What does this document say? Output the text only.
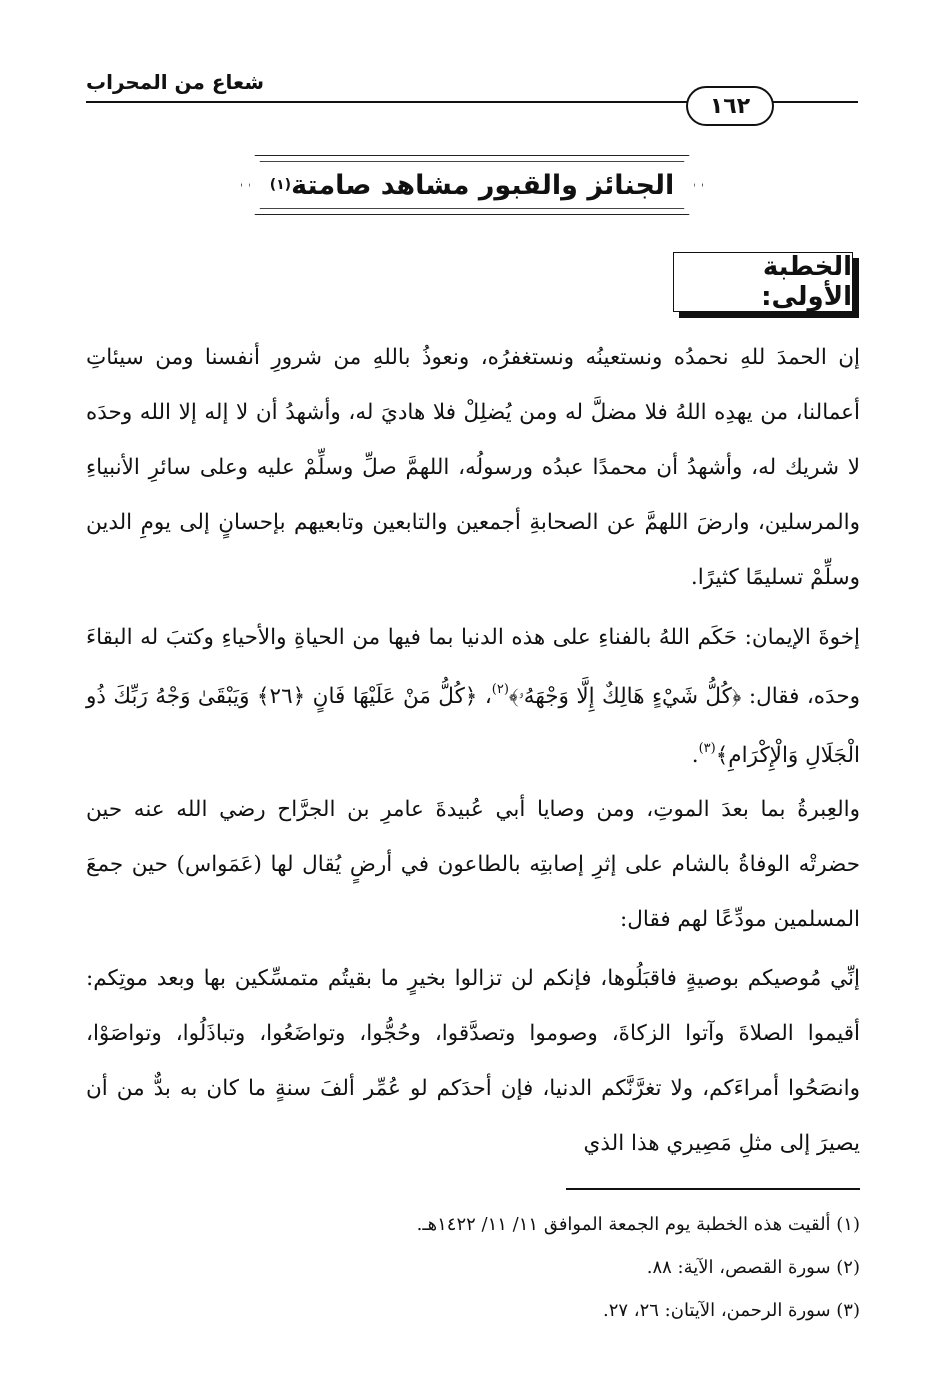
شعاع من المحراب
١٦٢
الجنائز والقبور مشاهد صامتة
(١)
الخطبة الأولى:

إن الحمدَ للهِ نحمدُه ونستعينُه ونستغفرُه، ونعوذُ باللهِ من شرورِ أنفسنا ومن سيئاتِ أعمالنا، من يهدِه اللهُ فلا مضلَّ له ومن يُضلِلْ فلا هاديَ له، وأشهدُ أن لا إله إلا الله وحدَه لا شريك له، وأشهدُ أن محمدًا عبدُه ورسولُه، اللهمَّ صلِّ وسلِّمْ عليه وعلى سائرِ الأنبياءِ والمرسلين، وارضَ اللهمَّ عن الصحابةِ أجمعين والتابعين وتابعيهم بإحسانٍ إلى يومِ الدين وسلِّمْ تسليمًا كثيرًا.

إخوةَ الإيمان: حَكَم اللهُ بالفناءِ على هذه الدنيا بما فيها من الحياةِ والأحياءِ وكتبَ له البقاءَ وحدَه، فقال: ﴿كُلُّ شَيْءٍ هَالِكٌ إِلَّا وَجْهَهُۥ﴾$^{(٢)}$، ﴿كُلُّ مَنْ عَلَيْهَا فَانٍ ﴿٢٦﴾ وَيَبْقَىٰ وَجْهُ رَبِّكَ ذُو الْجَلَالِ وَالْإِكْرَامِ﴾$^{(٣)}$.

والعِبرةُ بما بعدَ الموتِ، ومن وصايا أبي عُبيدةَ عامرِ بن الجرَّاح رضي الله عنه حين حضرتْه الوفاةُ بالشام على إثرِ إصابتِه بالطاعون في أرضٍ يُقال لها (عَمَواس) حين جمعَ المسلمين مودِّعًا لهم فقال:

إنِّي مُوصيكم بوصيةٍ فاقبَلُوها، فإنكم لن تزالوا بخيرٍ ما بقيتُم متمسِّكين بها وبعد موتِكم: أقيموا الصلاةَ وآتوا الزكاةَ، وصوموا وتصدَّقوا، وحُجُّوا، وتواضَعُوا، وتباذَلُوا، وتواصَوْا، وانصَحُوا أمراءَكم، ولا تغرَّنَّكم الدنيا، فإن أحدَكم لو عُمِّر ألفَ سنةٍ ما كان به بدٌّ من أن يصيرَ إلى مثلِ مَصِيري هذا الذي

(١) ألقيت هذه الخطبة يوم الجمعة الموافق ١١/ ١١/ ١٤٢٢هـ.

(٢) سورة القصص، الآية: ٨٨.

(٣) سورة الرحمن، الآيتان: ٢٦، ٢٧.
